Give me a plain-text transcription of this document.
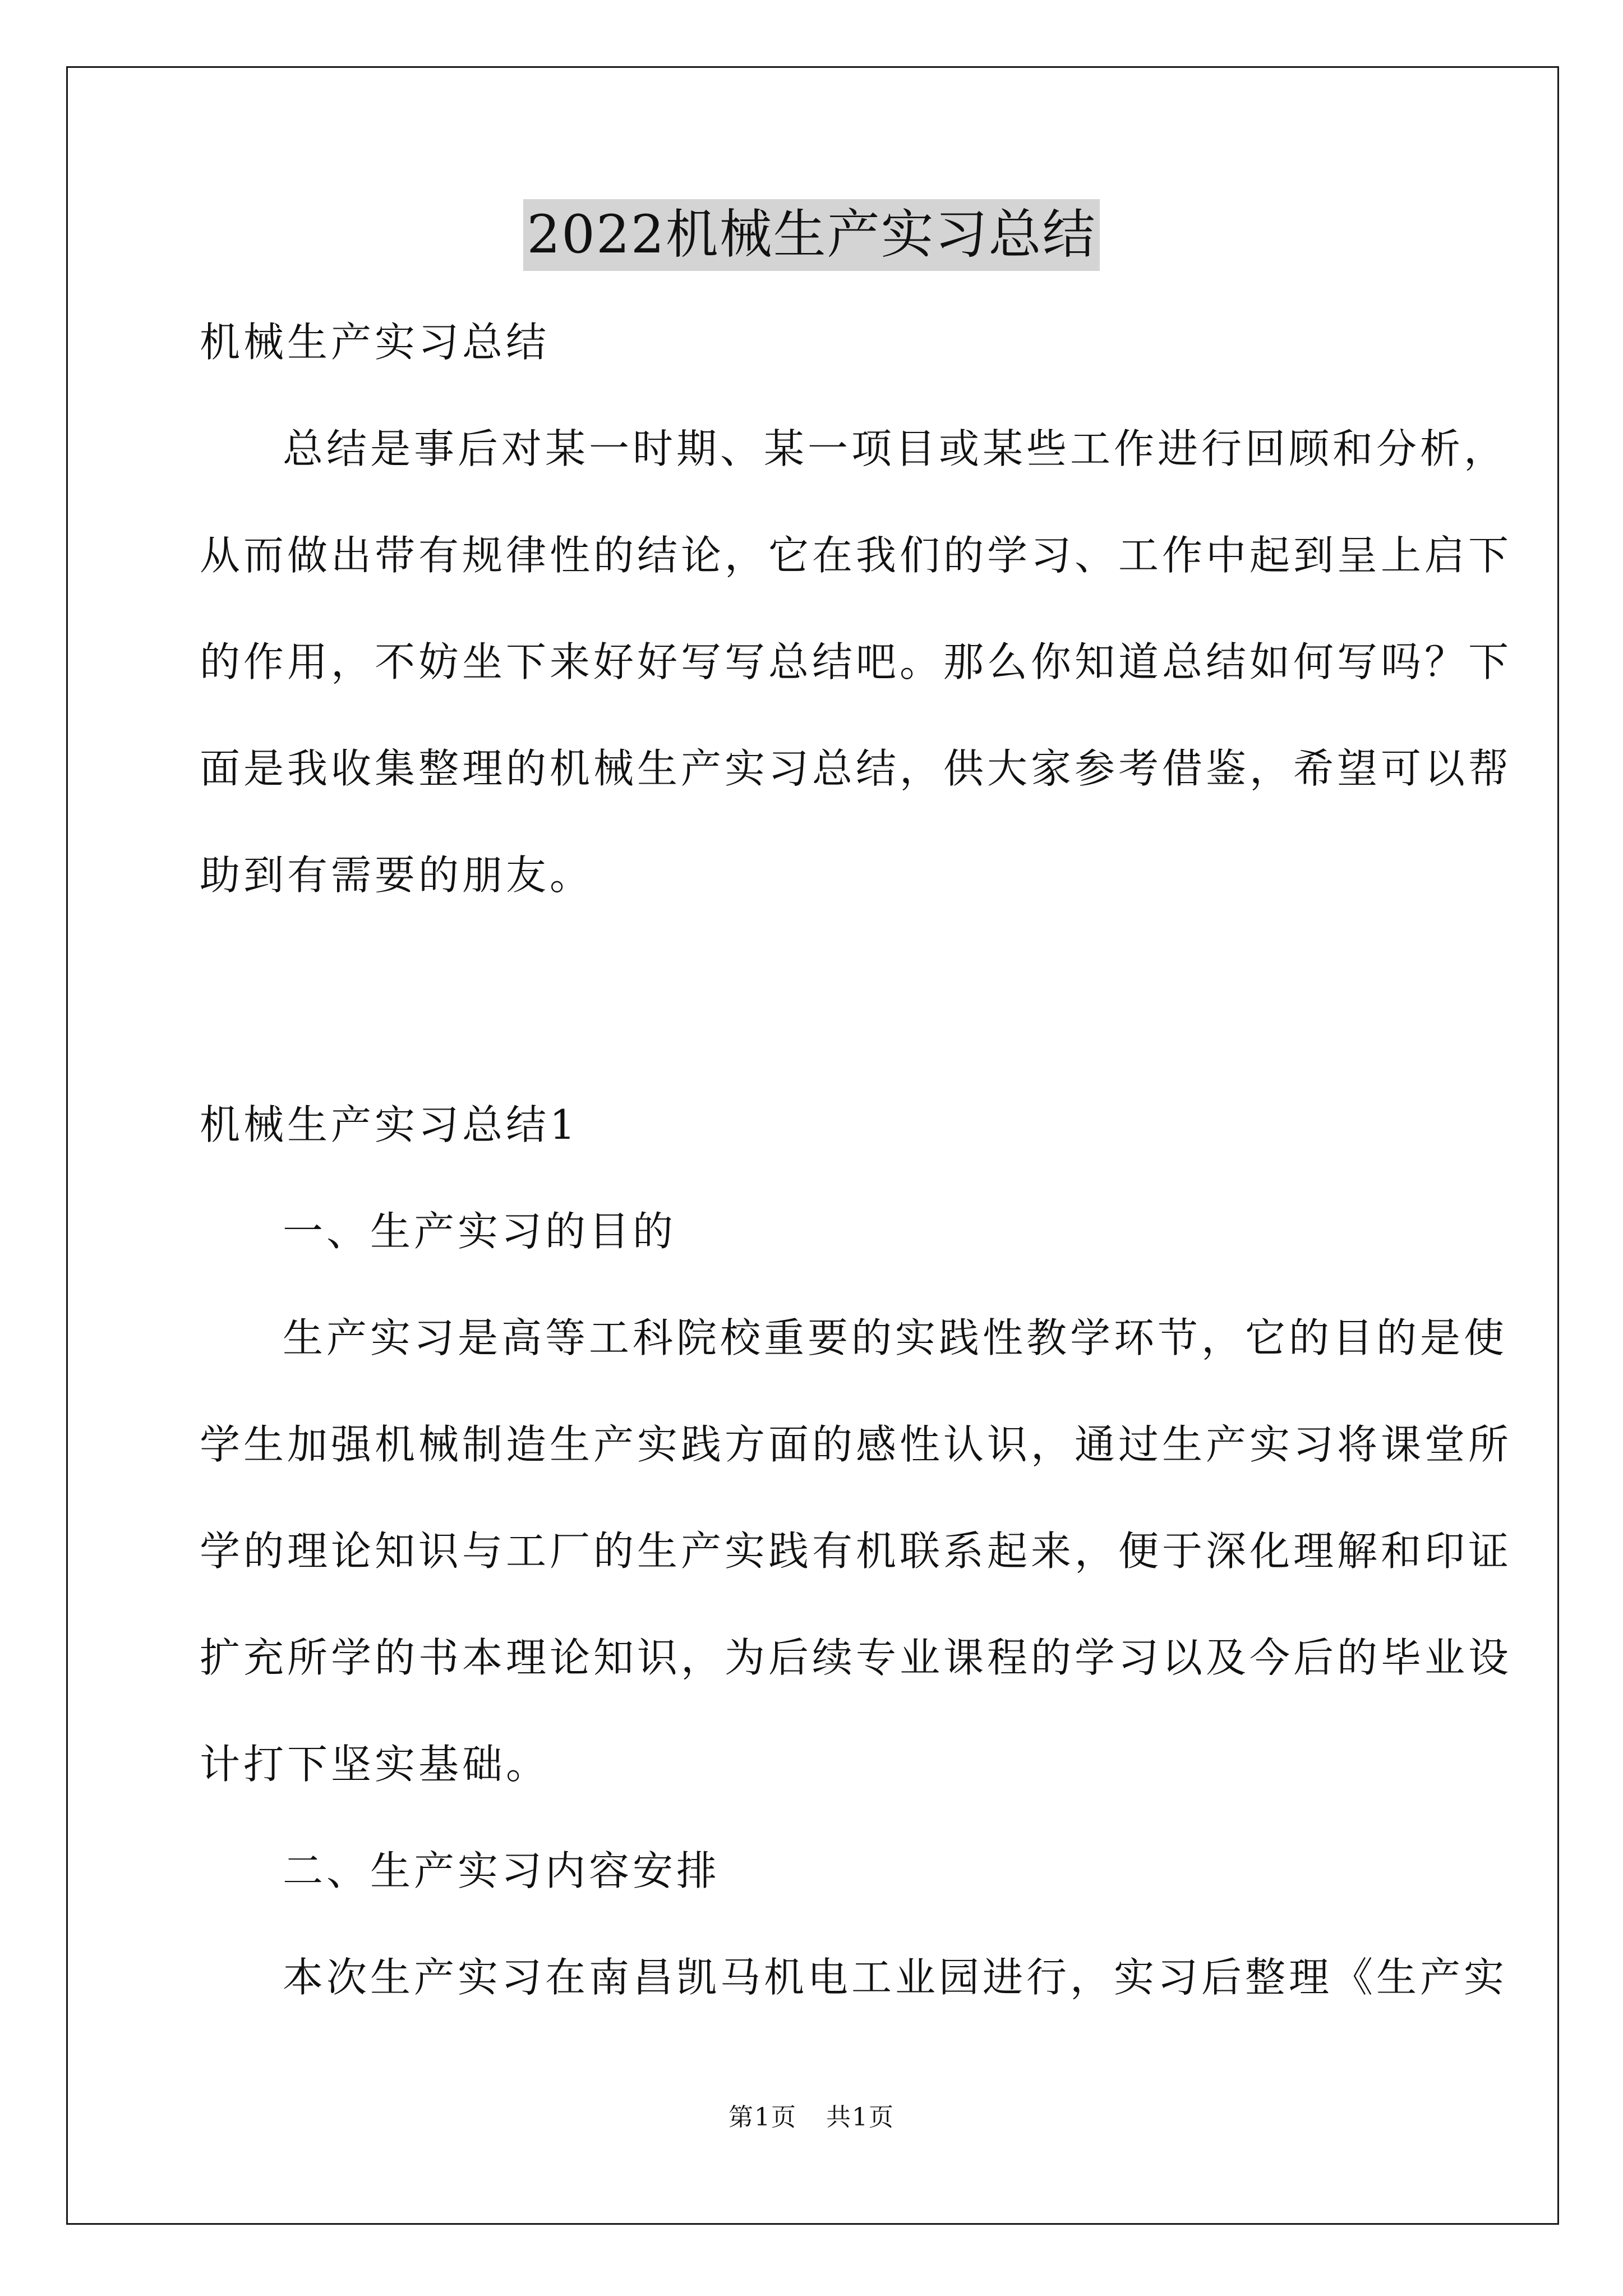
2022机械生产实习总结
机械生产实习总结
总结是事后对某一时期、某一项目或某些工作进行回顾和分析，
从而做出带有规律性的结论，它在我们的学习、工作中起到呈上启下
的作用，不妨坐下来好好写写总结吧。那么你知道总结如何写吗？下
面是我收集整理的机械生产实习总结，供大家参考借鉴，希望可以帮
助到有需要的朋友。
机械生产实习总结1
一、生产实习的目的
生产实习是高等工科院校重要的实践性教学环节，它的目的是使
学生加强机械制造生产实践方面的感性认识，通过生产实习将课堂所
学的理论知识与工厂的生产实践有机联系起来，便于深化理解和印证
扩充所学的书本理论知识，为后续专业课程的学习以及今后的毕业设
计打下坚实基础。
二、生产实习内容安排
本次生产实习在南昌凯马机电工业园进行，实习后整理《生产实
第1页 共1页
